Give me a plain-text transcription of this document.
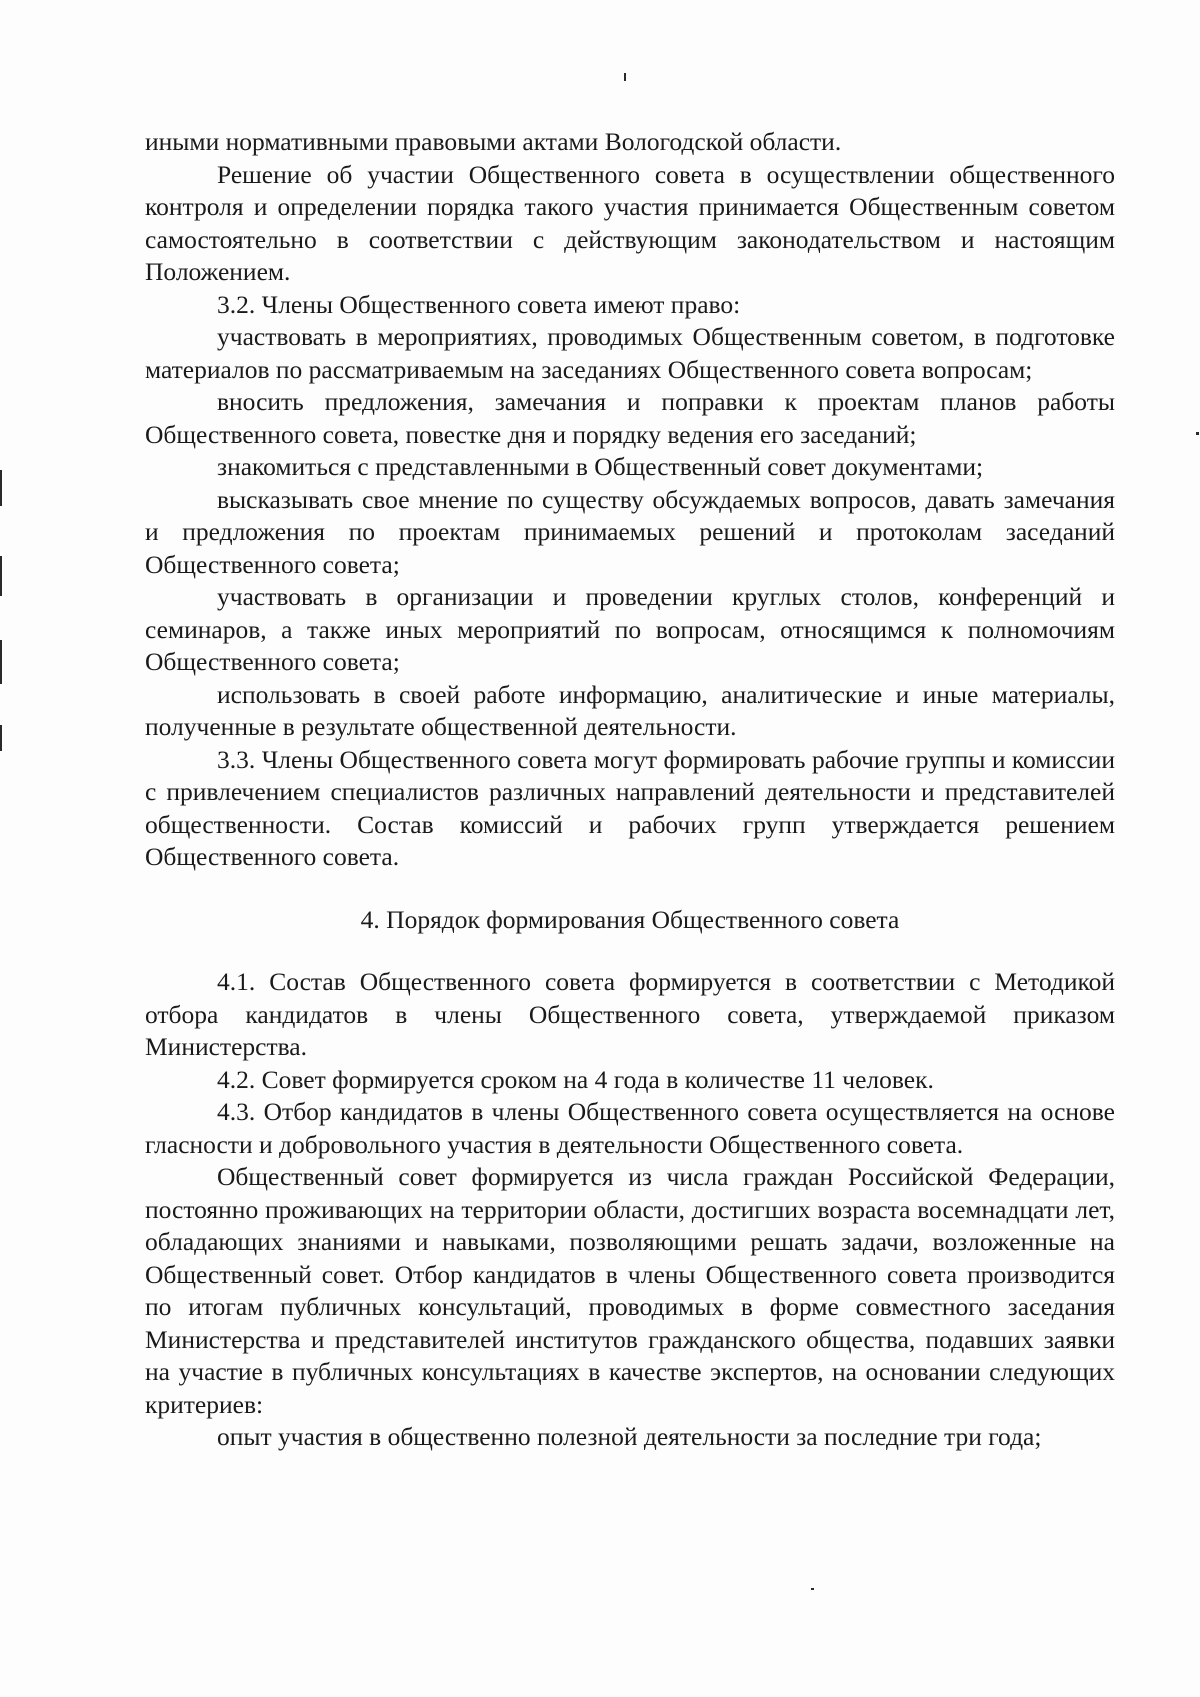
иными нормативными правовыми актами Вологодской области.

Решение об участии Общественного совета в осуществлении общественного контроля и определении порядка такого участия принимается Общественным советом самостоятельно в соответствии с действующим законодательством и настоящим Положением.

3.2. Члены Общественного совета имеют право:

участвовать в мероприятиях, проводимых Общественным советом, в подготовке материалов по рассматриваемым на заседаниях Общественного совета вопросам;

вносить предложения, замечания и поправки к проектам планов работы Общественного совета, повестке дня и порядку ведения его заседаний;

знакомиться с представленными в Общественный совет документами;

высказывать свое мнение по существу обсуждаемых вопросов, давать замечания и предложения по проектам принимаемых решений и протоколам заседаний Общественного совета;

участвовать в организации и проведении круглых столов, конференций и семинаров, а также иных мероприятий по вопросам, относящимся к полномочиям Общественного совета;

использовать в своей работе информацию, аналитические и иные материалы, полученные в результате общественной деятельности.

3.3. Члены Общественного совета могут формировать рабочие группы и комиссии с привлечением специалистов различных направлений деятельности и представителей общественности. Состав комиссий и рабочих групп утверждается решением Общественного совета.

4. Порядок формирования Общественного совета

4.1. Состав Общественного совета формируется в соответствии с Методикой отбора кандидатов в члены Общественного совета, утверждаемой приказом Министерства.

4.2. Совет формируется сроком на 4 года в количестве 11 человек.

4.3. Отбор кандидатов в члены Общественного совета осуществляется на основе гласности и добровольного участия в деятельности Общественного совета.

Общественный совет формируется из числа граждан Российской Федерации, постоянно проживающих на территории области, достигших возраста восемнадцати лет, обладающих знаниями и навыками, позволяющими решать задачи, возложенные на Общественный совет. Отбор кандидатов в члены Общественного совета производится по итогам публичных консультаций, проводимых в форме совместного заседания Министерства и представителей институтов гражданского общества, подавших заявки на участие в публичных консультациях в качестве экспертов, на основании следующих критериев:

опыт участия в общественно полезной деятельности за последние три года;
